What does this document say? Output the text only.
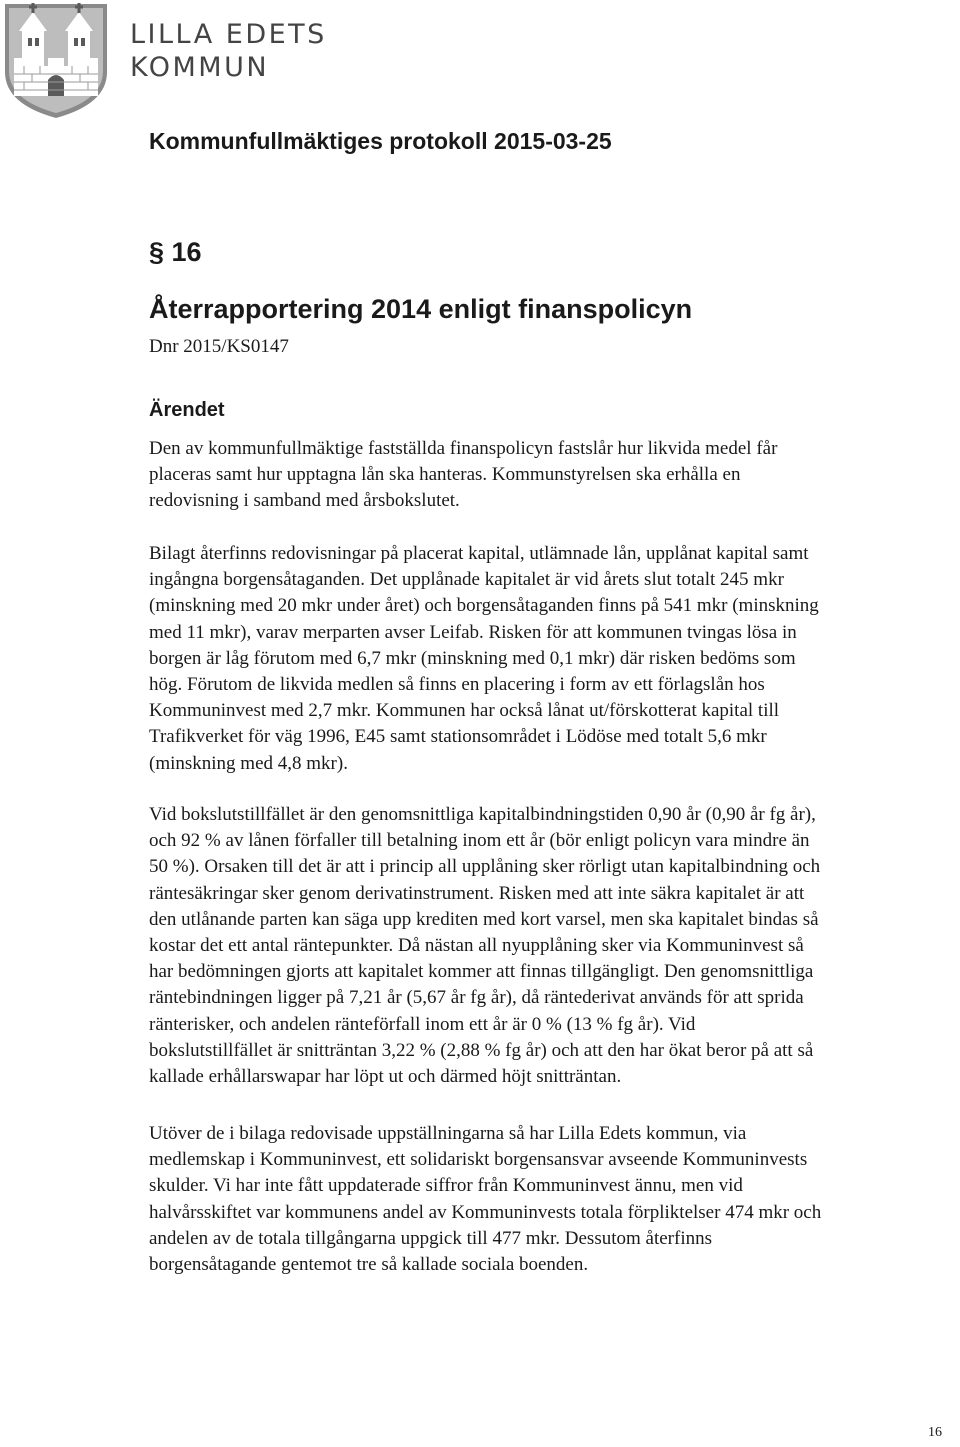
LILLA EDETS
KOMMUN
Kommunfullmäktiges protokoll 2015-03-25
§ 16
Återrapportering 2014 enligt finanspolicyn
Dnr 2015/KS0147
Ärendet
Den av kommunfullmäktige fastställda finanspolicyn fastslår hur likvida medel får
placeras samt hur upptagna lån ska hanteras. Kommunstyrelsen ska erhålla en
redovisning i samband med årsbokslutet.
Bilagt återfinns redovisningar på placerat kapital, utlämnade lån, upplånat kapital samt
ingångna borgensåtaganden. Det upplånade kapitalet är vid årets slut totalt 245 mkr
(minskning med 20 mkr under året) och borgensåtaganden finns på 541 mkr (minskning
med 11 mkr), varav merparten avser Leifab. Risken för att kommunen tvingas lösa in
borgen är låg förutom med 6,7 mkr (minskning med 0,1 mkr) där risken bedöms som
hög. Förutom de likvida medlen så finns en placering i form av ett förlagslån hos
Kommuninvest med 2,7 mkr. Kommunen har också lånat ut/förskotterat kapital till
Trafikverket för väg 1996, E45 samt stationsområdet i Lödöse med totalt 5,6 mkr
(minskning med 4,8 mkr).
Vid bokslutstillfället är den genomsnittliga kapitalbindningstiden 0,90 år (0,90 år fg år),
och 92 % av lånen förfaller till betalning inom ett år (bör enligt policyn vara mindre än
50 %). Orsaken till det är att i princip all upplåning sker rörligt utan kapitalbindning och
räntesäkringar sker genom derivatinstrument. Risken med att inte säkra kapitalet är att
den utlånande parten kan säga upp krediten med kort varsel, men ska kapitalet bindas så
kostar det ett antal räntepunkter. Då nästan all nyupplåning sker via Kommuninvest så
har bedömningen gjorts att kapitalet kommer att finnas tillgängligt. Den genomsnittliga
räntebindningen ligger på 7,21 år (5,67 år fg år), då räntederivat används för att sprida
ränterisker, och andelen ränteförfall inom ett år är 0 % (13 % fg år). Vid
bokslutstillfället är snitträntan 3,22 % (2,88 % fg år) och att den har ökat beror på att så
kallade erhållarswapar har löpt ut och därmed höjt snitträntan.
Utöver de i bilaga redovisade uppställningarna så har Lilla Edets kommun, via
medlemskap i Kommuninvest, ett solidariskt borgensansvar avseende Kommuninvests
skulder. Vi har inte fått uppdaterade siffror från Kommuninvest ännu, men vid
halvårsskiftet var kommunens andel av Kommuninvests totala förpliktelser 474 mkr och
andelen av de totala tillgångarna uppgick till 477 mkr. Dessutom återfinns
borgensåtagande gentemot tre så kallade sociala boenden.
16
